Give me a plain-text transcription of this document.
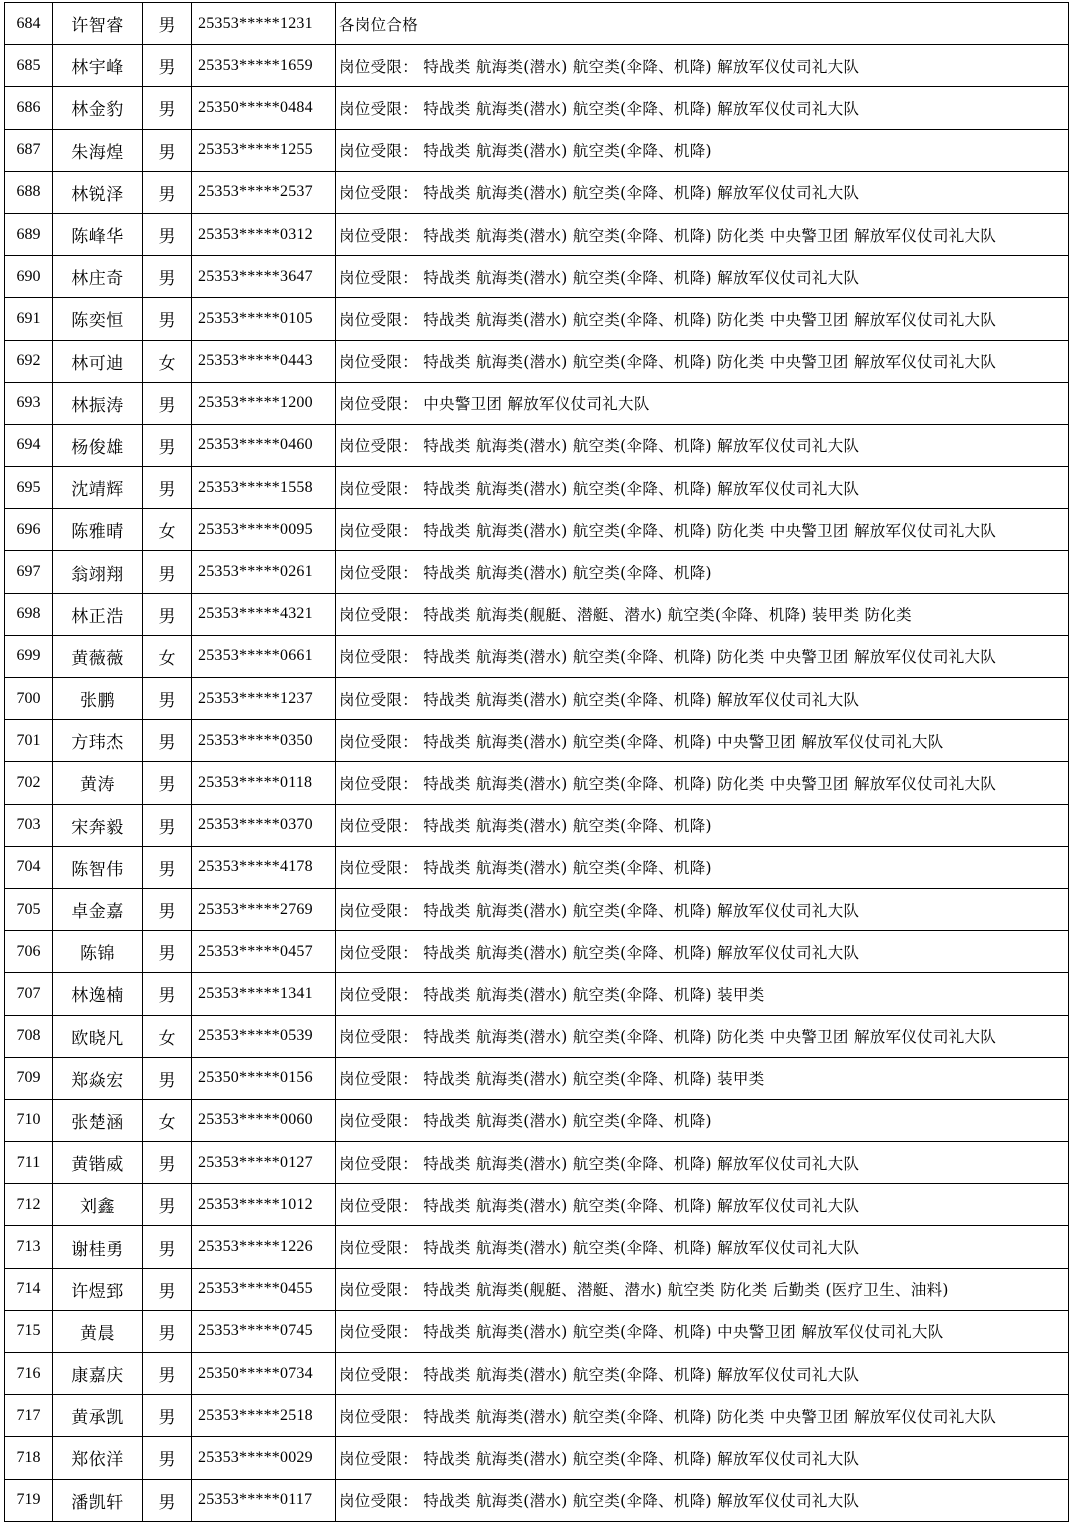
684	许智睿	男	25353*****1231	各岗位合格
685	林宇峰	男	25353*****1659	岗位受限： 特战类 航海类(潜水) 航空类(伞降、机降) 解放军仪仗司礼大队
686	林金豹	男	25350*****0484	岗位受限： 特战类 航海类(潜水) 航空类(伞降、机降) 解放军仪仗司礼大队
687	朱海煌	男	25353*****1255	岗位受限： 特战类 航海类(潜水) 航空类(伞降、机降)
688	林锐泽	男	25353*****2537	岗位受限： 特战类 航海类(潜水) 航空类(伞降、机降) 解放军仪仗司礼大队
689	陈峰华	男	25353*****0312	岗位受限： 特战类 航海类(潜水) 航空类(伞降、机降) 防化类 中央警卫团 解放军仪仗司礼大队
690	林庄奇	男	25353*****3647	岗位受限： 特战类 航海类(潜水) 航空类(伞降、机降) 解放军仪仗司礼大队
691	陈奕恒	男	25353*****0105	岗位受限： 特战类 航海类(潜水) 航空类(伞降、机降) 防化类 中央警卫团 解放军仪仗司礼大队
692	林可迪	女	25353*****0443	岗位受限： 特战类 航海类(潜水) 航空类(伞降、机降) 防化类 中央警卫团 解放军仪仗司礼大队
693	林振涛	男	25353*****1200	岗位受限： 中央警卫团 解放军仪仗司礼大队
694	杨俊雄	男	25353*****0460	岗位受限： 特战类 航海类(潜水) 航空类(伞降、机降) 解放军仪仗司礼大队
695	沈靖辉	男	25353*****1558	岗位受限： 特战类 航海类(潜水) 航空类(伞降、机降) 解放军仪仗司礼大队
696	陈雅晴	女	25353*****0095	岗位受限： 特战类 航海类(潜水) 航空类(伞降、机降) 防化类 中央警卫团 解放军仪仗司礼大队
697	翁翊翔	男	25353*****0261	岗位受限： 特战类 航海类(潜水) 航空类(伞降、机降)
698	林正浩	男	25353*****4321	岗位受限： 特战类 航海类(舰艇、潜艇、潜水) 航空类(伞降、机降) 装甲类 防化类
699	黄薇薇	女	25353*****0661	岗位受限： 特战类 航海类(潜水) 航空类(伞降、机降) 防化类 中央警卫团 解放军仪仗司礼大队
700	张鹏	男	25353*****1237	岗位受限： 特战类 航海类(潜水) 航空类(伞降、机降) 解放军仪仗司礼大队
701	方玮杰	男	25353*****0350	岗位受限： 特战类 航海类(潜水) 航空类(伞降、机降) 中央警卫团 解放军仪仗司礼大队
702	黄涛	男	25353*****0118	岗位受限： 特战类 航海类(潜水) 航空类(伞降、机降) 防化类 中央警卫团 解放军仪仗司礼大队
703	宋奔毅	男	25353*****0370	岗位受限： 特战类 航海类(潜水) 航空类(伞降、机降)
704	陈智伟	男	25353*****4178	岗位受限： 特战类 航海类(潜水) 航空类(伞降、机降)
705	卓金嘉	男	25353*****2769	岗位受限： 特战类 航海类(潜水) 航空类(伞降、机降) 解放军仪仗司礼大队
706	陈锦	男	25353*****0457	岗位受限： 特战类 航海类(潜水) 航空类(伞降、机降) 解放军仪仗司礼大队
707	林逸楠	男	25353*****1341	岗位受限： 特战类 航海类(潜水) 航空类(伞降、机降) 装甲类
708	欧晓凡	女	25353*****0539	岗位受限： 特战类 航海类(潜水) 航空类(伞降、机降) 防化类 中央警卫团 解放军仪仗司礼大队
709	郑焱宏	男	25350*****0156	岗位受限： 特战类 航海类(潜水) 航空类(伞降、机降) 装甲类
710	张楚涵	女	25353*****0060	岗位受限： 特战类 航海类(潜水) 航空类(伞降、机降)
711	黄锴威	男	25353*****0127	岗位受限： 特战类 航海类(潜水) 航空类(伞降、机降) 解放军仪仗司礼大队
712	刘鑫	男	25353*****1012	岗位受限： 特战类 航海类(潜水) 航空类(伞降、机降) 解放军仪仗司礼大队
713	谢桂勇	男	25353*****1226	岗位受限： 特战类 航海类(潜水) 航空类(伞降、机降) 解放军仪仗司礼大队
714	许煜郅	男	25353*****0455	岗位受限： 特战类 航海类(舰艇、潜艇、潜水) 航空类 防化类 后勤类 (医疗卫生、油料)
715	黄晨	男	25353*****0745	岗位受限： 特战类 航海类(潜水) 航空类(伞降、机降) 中央警卫团 解放军仪仗司礼大队
716	康嘉庆	男	25350*****0734	岗位受限： 特战类 航海类(潜水) 航空类(伞降、机降) 解放军仪仗司礼大队
717	黄承凯	男	25353*****2518	岗位受限： 特战类 航海类(潜水) 航空类(伞降、机降) 防化类 中央警卫团 解放军仪仗司礼大队
718	郑依洋	男	25353*****0029	岗位受限： 特战类 航海类(潜水) 航空类(伞降、机降) 解放军仪仗司礼大队
719	潘凯轩	男	25353*****0117	岗位受限： 特战类 航海类(潜水) 航空类(伞降、机降) 解放军仪仗司礼大队
